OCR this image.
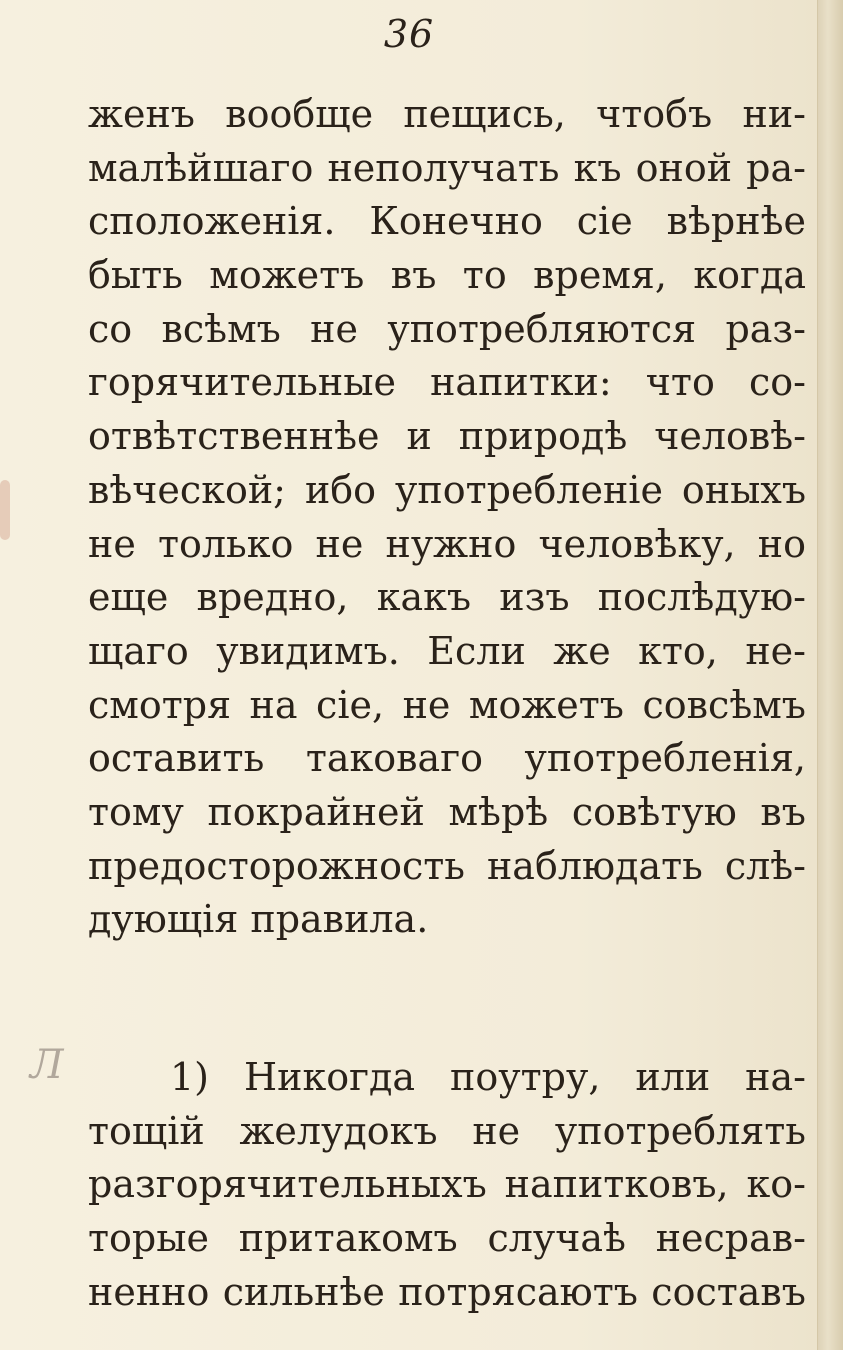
Л
36
женъ вообще пещись, чтобъ ни-
малѣйшаго неполучать къ оной ра-
сположенія. Конечно сіе вѣрнѣе
быть можетъ въ то время, когда
со всѣмъ не употребляются раз-
горячительные напитки: что со-
отвѣтственнѣе и природѣ человѣ-
вѣческой; ибо употребленіе оныхъ
не только не нужно человѣку, но
еще вредно, какъ изъ послѣдую-
щаго увидимъ. Если же кто, не-
смотря на сіе, не можетъ совсѣмъ
оставить таковаго употребленія,
тому покрайней мѣрѣ совѣтую въ
предосторожность наблюдать слѣ-
дующія правила.
1) Никогда поутру, или на-
тощій желудокъ не употреблять
разгорячительныхъ напитковъ, ко-
торые притакомъ случаѣ несрав-
ненно сильнѣе потрясаютъ составъ
